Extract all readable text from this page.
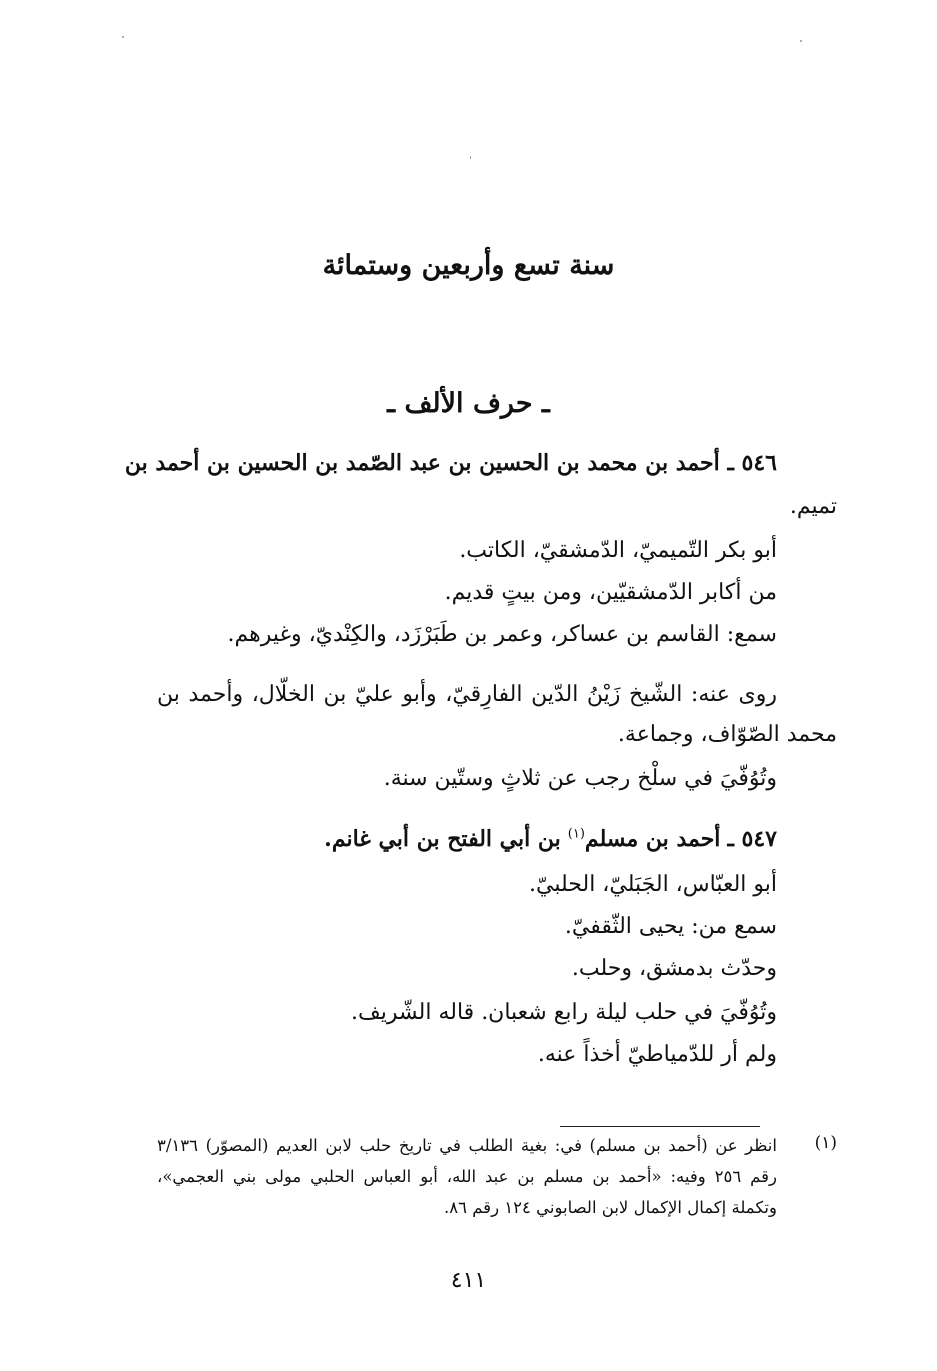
سنة تسع وأربعين وستمائة
ـ حرف الألف ـ
٥٤٦ ـ أحمد بن محمد بن الحسين بن عبد الصّمد بن الحسين بن أحمد بن
تميم.
أبو بكر التّميميّ، الدّمشقيّ، الكاتب.
من أكابر الدّمشقيّين، ومن بيتٍ قديم.
سمع: القاسم بن عساكر، وعمر بن طَبَرْزَد، والكِنْديّ، وغيرهم.
روى عنه: الشّيخ زَيْنُ الدّين الفارِقيّ، وأبو عليّ بن الخلّال، وأحمد بن
محمد الصّوّاف، وجماعة.
وتُوُفّيَ في سلْخ رجب عن ثلاثٍ وستّين سنة.
٥٤٧ ـ أحمد بن مسلم$^{(١)}$ بن أبي الفتح بن أبي غانم.
أبو العبّاس، الجَبَليّ، الحلبيّ.
سمع من: يحيى الثّقفيّ.
وحدّث بدمشق، وحلب.
وتُوُفّيَ في حلب ليلة رابع شعبان. قاله الشّريف.
ولم أر للدّمياطيّ أخذاً عنه.
(١)
انظر عن (أحمد بن مسلم) في: بغية الطلب في تاريخ حلب لابن العديم (المصوّر) ٣/١٣٦
رقم ٢٥٦ وفيه: «أحمد بن مسلم بن عبد الله، أبو العباس الحلبي مولى بني العجمي»،
وتكملة إكمال الإكمال لابن الصابوني ١٢٤ رقم ٨٦.
٤١١
